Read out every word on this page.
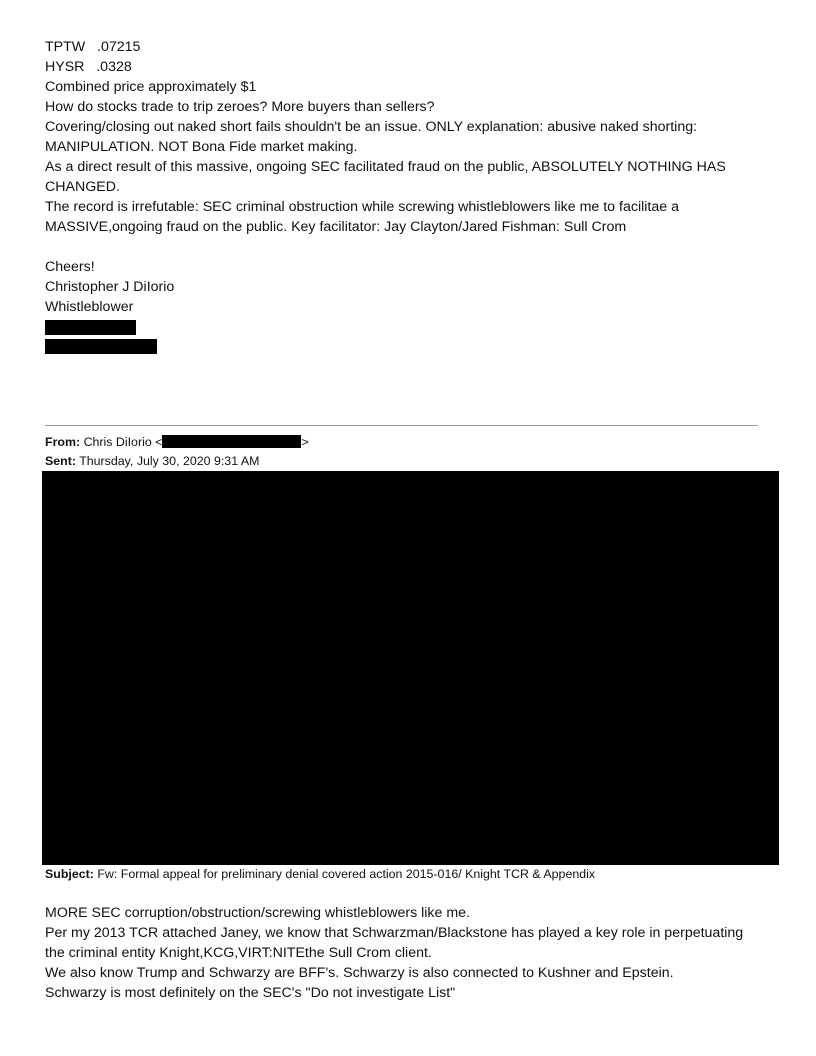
TPTW   .07215
HYSR   .0328
Combined price approximately $1
How do stocks trade to trip zeroes? More buyers than sellers?
Covering/closing out naked short fails shouldn't be an issue. ONLY explanation: abusive naked shorting: MANIPULATION. NOT Bona Fide market making.
As a direct result of this massive, ongoing SEC facilitated fraud on the public, ABSOLUTELY NOTHING HAS CHANGED.
The record is irrefutable: SEC criminal obstruction while screwing whistleblowers like me to facilitae a MASSIVE,ongoing fraud on the public. Key facilitator: Jay Clayton/Jared Fishman: Sull Crom
Cheers!
Christopher J DiIorio
Whistleblower
From: Chris DiIorio <	>
Sent: Thursday, July 30, 2020 9:31 AM
Subject: Fw: Formal appeal for preliminary denial covered action 2015-016/ Knight TCR & Appendix
MORE SEC corruption/obstruction/screwing whistleblowers like me.
Per my 2013 TCR attached Janey, we know that Schwarzman/Blackstone has played a key role in perpetuating the criminal entity Knight,KCG,VIRT:NITEthe Sull Crom client.
We also know Trump and Schwarzy are BFF's. Schwarzy is also connected to Kushner and Epstein.
Schwarzy is most definitely on the SEC's "Do not investigate List"
